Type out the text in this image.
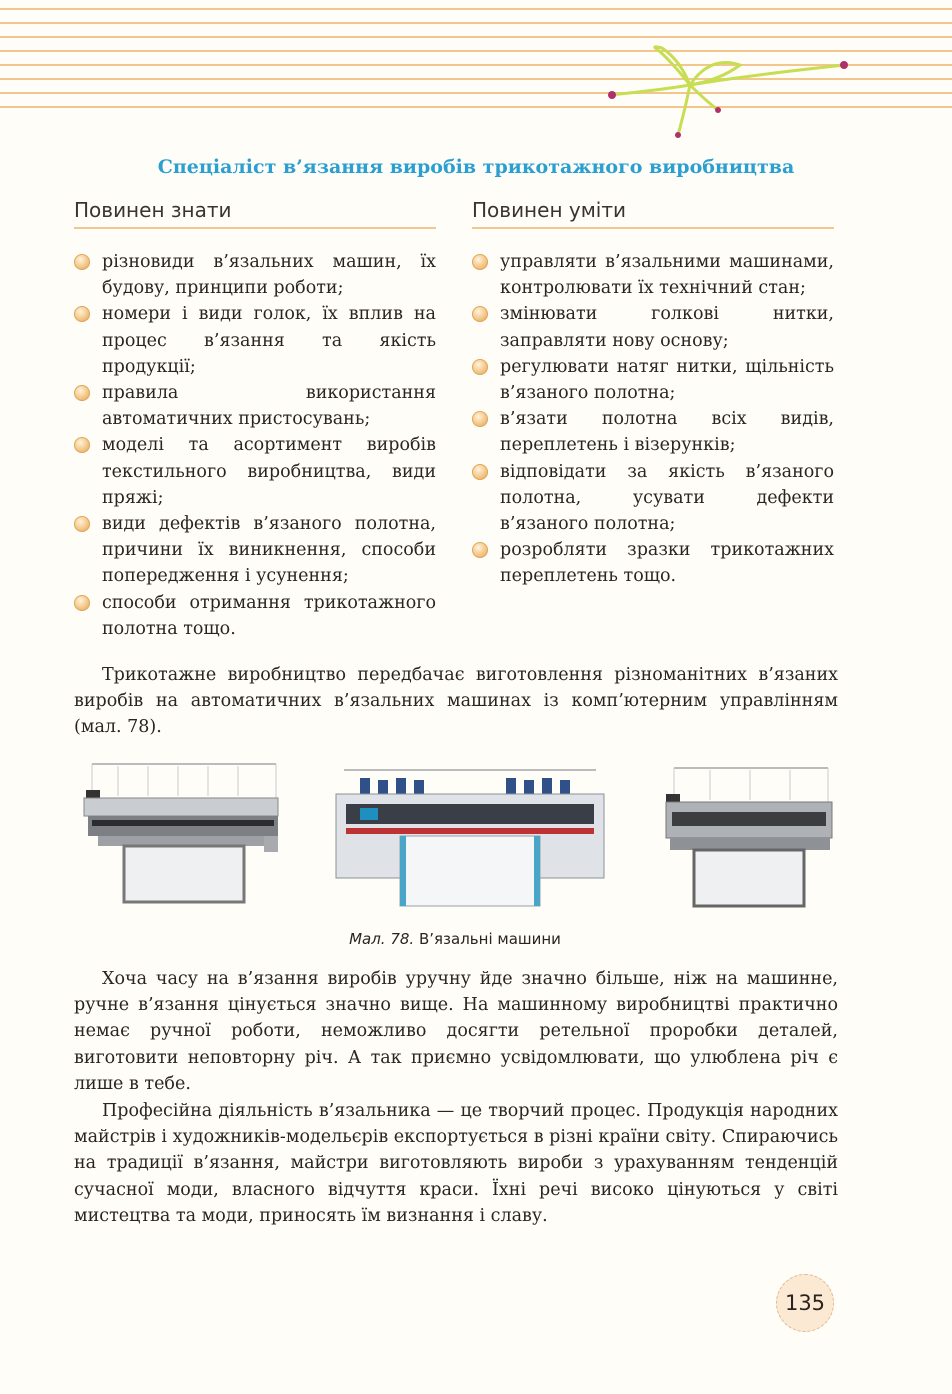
Спеціаліст в’язання виробів трикотажного виробництва
Повинен знати
різновиди в’язальних машин, їх будову, принципи роботи;
номери і види голок, їх вплив на процес в’язання та якість продукції;
правила використання автоматичних пристосувань;
моделі та асортимент виробів текстильного виробництва, види пряжі;
види дефектів в’язаного полотна, причини їх виникнення, способи попередження і усунення;
способи отримання трикотажного полотна тощо.
Повинен уміти
управляти в’язальними машинами, контролювати їх технічний стан;
змінювати голкові нитки, заправляти нову основу;
регулювати натяг нитки, щільність в’язаного полотна;
в’язати полотна всіх видів, переплетень і візерунків;
відповідати за якість в’язаного полотна, усувати дефекти в’язаного полотна;
розробляти зразки трикотажних переплетень тощо.

Трикотажне виробництво передбачає виготовлення різноманітних в’язаних виробів на автоматичних в’язальних машинах із комп’ютерним управлінням (мал. 78).

Мал. 78. В’язальні машини

Хоча часу на в’язання виробів уручну йде значно більше, ніж на машинне, ручне в’язання цінується значно вище. На машинному виробництві практично немає ручної роботи, неможливо досягти ретельної проробки деталей, виготовити неповторну річ. А так приємно усвідомлювати, що улюблена річ є лише в тебе.

Професійна діяльність в’язальника — це творчий процес. Продукція народних майстрів і художників-модельєрів експортується в різні країни світу. Спираючись на традиції в’язання, майстри виготовляють вироби з урахуванням тенденцій сучасної моди, власного відчуття краси. Їхні речі високо цінуються у світі мистецтва та моди, приносять їм визнання і славу.

135
